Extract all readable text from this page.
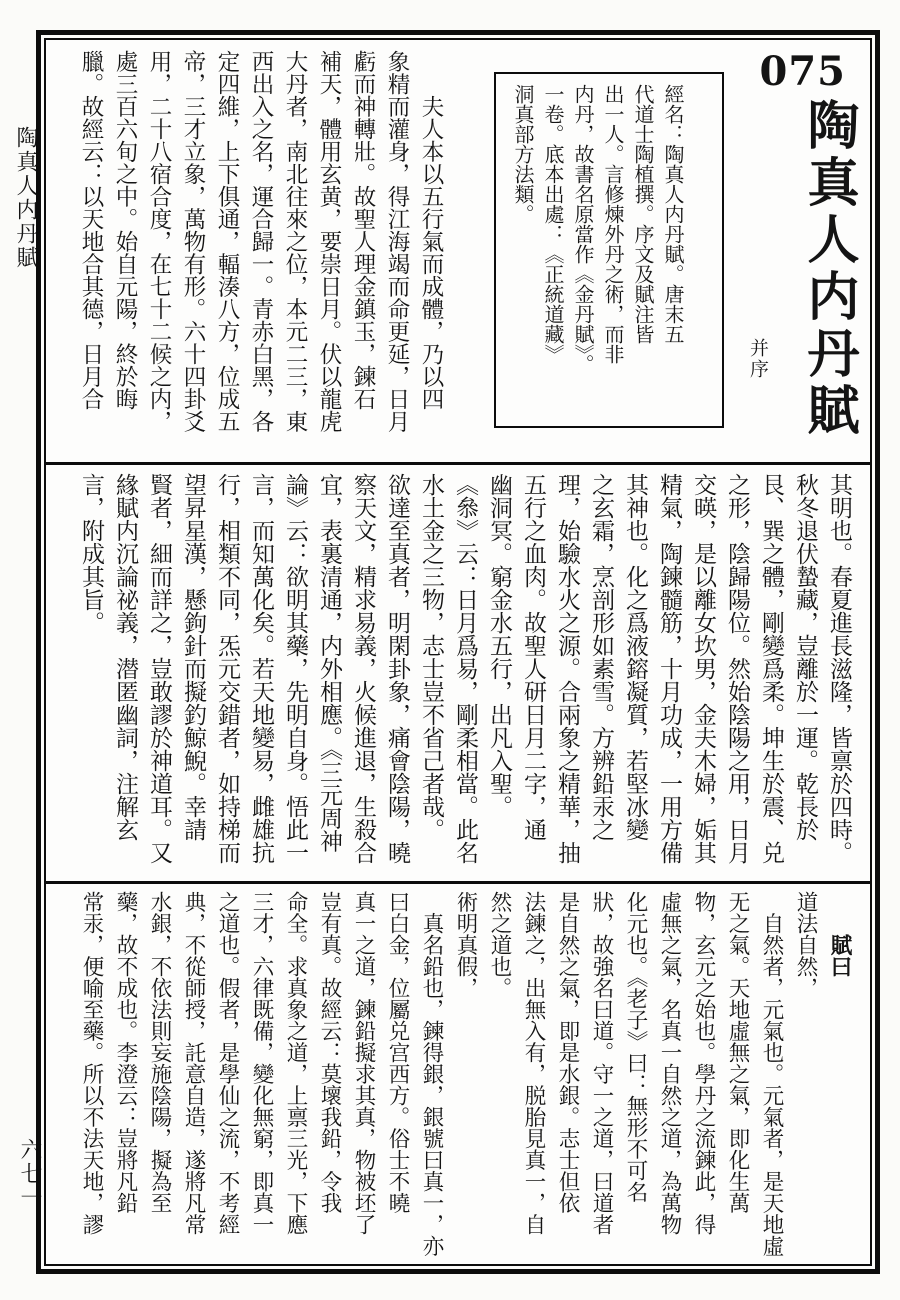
陶真人内丹賦
六七一
075
陶真人内丹賦
并序
經名：陶真人内丹賦。唐末五
代道士陶植撰。序文及賦注皆
出一人。言修煉外丹之術，而非
内丹，故書名原當作《金丹賦》。
一卷。底本出處：《正統道藏》
洞真部方法類。
　　夫人本以五行氣而成體，乃以四
象精而灌身，得江海竭而命更延，日月
虧而神轉壯。故聖人理金鎮玉，鍊石
補天，體用玄黄，要崇日月。伏以龍虎
大丹者，南北往來之位，本元二三，東
西出入之名，運合歸一。青赤白黑，各
定四維，上下俱通，輻湊八方，位成五
帝，三才立象，萬物有形。六十四卦爻
用，二十八宿合度，在七十二候之内，
處三百六旬之中。始自元陽，終於晦
臘。故經云：以天地合其德，日月合
其明也。春夏進長滋隆，皆禀於四時。
秋冬退伏蟄藏，豈離於一運。乾長於
艮、巽之體，剛變爲柔。坤生於震、兑
之形，陰歸陽位。然始陰陽之用，日月
交暎，是以離女坎男，金夫木婦，姤其
精氣，陶鍊髓筋，十月功成，一用方備
其神也。化之爲液鎔凝質，若堅冰變
之玄霜，烹剖形如素雪。方辨鉛汞之
理，始驗水火之源。合兩象之精華，抽
五行之血肉。故聖人研日月二字，通
幽洞冥。窮金水五行，出凡入聖。
《叅》云：日月爲易，剛柔相當。此名
水土金之三物，志士豈不省己者哉。
欲達至真者，明閑卦象，痛會陰陽，曉
察天文，精求易義，火候進退，生殺合
宜，表裏清通，内外相應。《三元周神
論》云：欲明其藥，先明自身。悟此一
言，而知萬化矣。若天地變易，雌雄抗
行，相類不同，炁元交錯者，如持梯而
望昇星漢，懸鉤針而擬釣鯨鯢。幸請
賢者，細而詳之，豈敢謬於神道耳。又
緣賦内沉論祕義，潜匿幽詞，注解玄
言，附成其旨。
　　賦曰
道法自然，
　自然者，元氣也。元氣者，是天地虛
无之氣。天地虛無之氣，即化生萬
物，玄元之始也。學丹之流鍊此，得
虛無之氣，名真一自然之道，為萬物
化元也。《老子》曰：無形不可名
狀，故強名曰道。守一之道，曰道者
是自然之氣，即是水銀。志士但依
法鍊之，出無入有，脱胎見真一，自
然之道也。
術明真假，
　真名鉛也，鍊得銀，銀號曰真一，亦
曰白金，位屬兑宫西方。俗士不曉
真一之道，鍊鉛擬求其真，物被坯了
豈有真。故經云：莫壞我鉛，令我
命全。求真象之道，上禀三光，下應
三才，六律既備，變化無窮，即真一
之道也。假者，是學仙之流，不考經
典，不從師授，託意自造，遂將凡常
水銀，不依法則妄施陰陽，擬為至
藥，故不成也。李澄云：豈將凡鉛
常汞，便喻至藥。所以不法天地，謬
